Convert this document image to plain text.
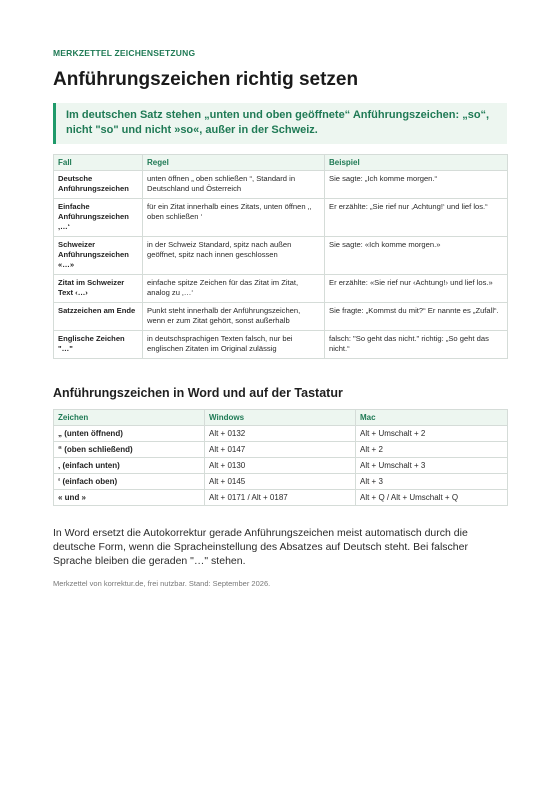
MERKZETTEL ZEICHENSETZUNG

Anführungszeichen richtig setzen
Im deutschen Satz stehen „unten und oben geöffnete“ Anführungszeichen: „so“, nicht "so" und nicht »so«, außer in der Schweiz.
Fall	Regel	Beispiel
Deutsche Anführungszeichen	unten öffnen „ oben schließen “, Standard in Deutschland und Österreich	Sie sagte: „Ich komme morgen.“
Einfache Anführungszeichen ‚…‘	für ein Zitat innerhalb eines Zitats, unten öffnen ‚, oben schließen ‘	Er erzählte: „Sie rief nur ‚Achtung!‘ und lief los.“
Schweizer Anführungszeichen «…»	in der Schweiz Standard, spitz nach außen geöffnet, spitz nach innen geschlossen	Sie sagte: «Ich komme morgen.»
Zitat im Schweizer Text ‹…›	einfache spitze Zeichen für das Zitat im Zitat, analog zu ‚…‘	Er erzählte: «Sie rief nur ‹Achtung!› und lief los.»
Satzzeichen am Ende	Punkt steht innerhalb der Anführungszeichen, wenn er zum Zitat gehört, sonst außerhalb	Sie fragte: „Kommst du mit?“ Er nannte es „Zufall“.
Englische Zeichen "…"	in deutschsprachigen Texten falsch, nur bei englischen Zitaten im Original zulässig	falsch: "So geht das nicht." richtig: „So geht das nicht.“
Anführungszeichen in Word und auf der Tastatur
Zeichen	Windows	Mac
„ (unten öffnend)	Alt + 0132	Alt + Umschalt + 2
“ (oben schließend)	Alt + 0147	Alt + 2
‚ (einfach unten)	Alt + 0130	Alt + Umschalt + 3
‘ (einfach oben)	Alt + 0145	Alt + 3
« und »	Alt + 0171 / Alt + 0187	Alt + Q / Alt + Umschalt + Q

In Word ersetzt die Autokorrektur gerade Anführungszeichen meist automatisch durch die deutsche Form, wenn die Spracheinstellung des Absatzes auf Deutsch steht. Bei falscher Sprache bleiben die geraden "…" stehen.

Merkzettel von korrektur.de, frei nutzbar. Stand: September 2026.
